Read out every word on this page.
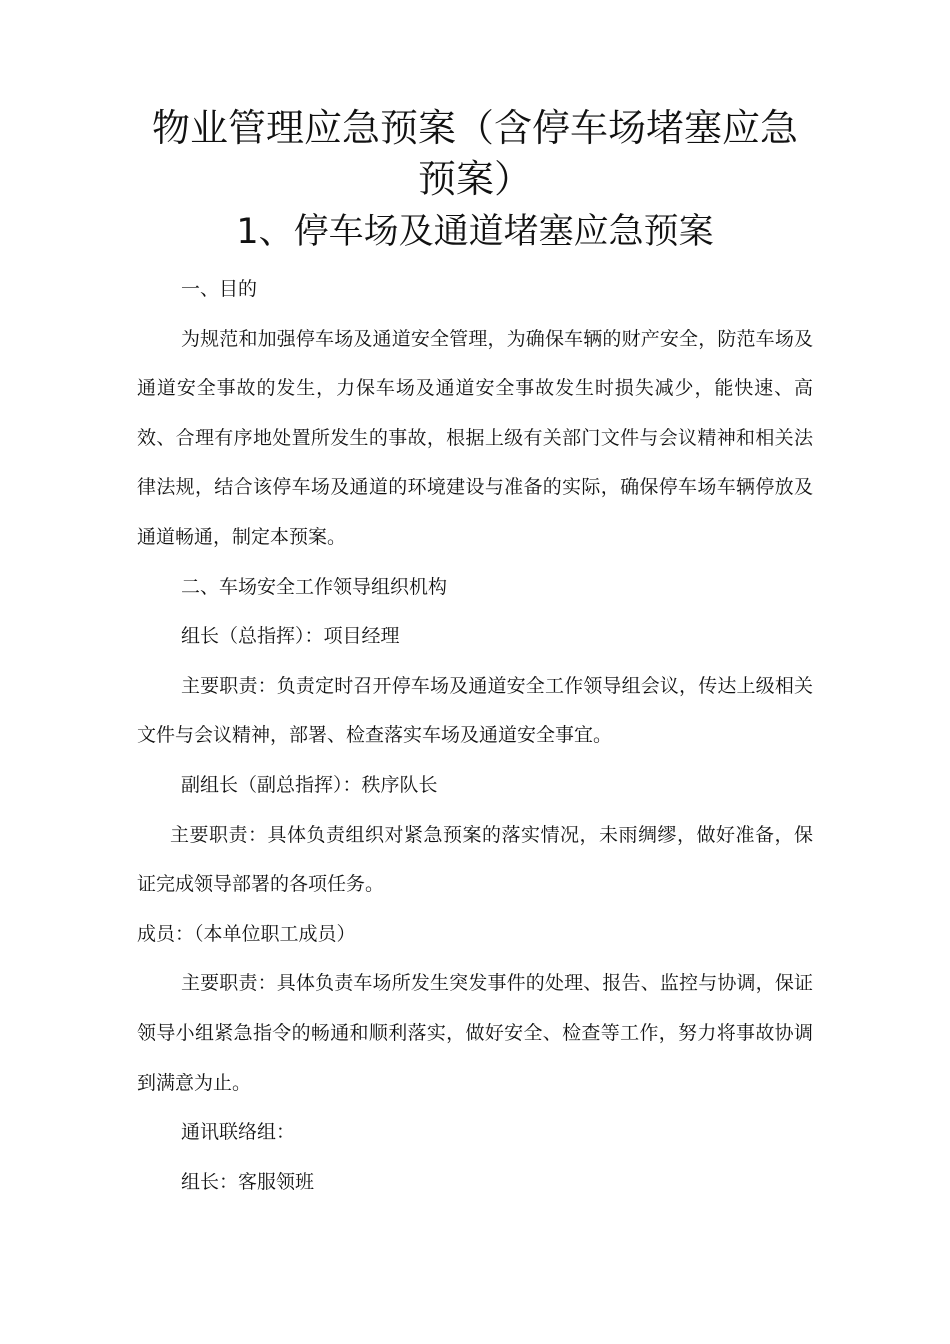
物业管理应急预案（含停车场堵塞应急
预案）
1、停车场及通道堵塞应急预案

一、目的

为规范和加强停车场及通道安全管理，为确保车辆的财产安全，防范车场及通道安全事故的发生，力保车场及通道安全事故发生时损失减少，能快速、高效、合理有序地处置所发生的事故，根据上级有关部门文件与会议精神和相关法律法规，结合该停车场及通道的环境建设与准备的实际，确保停车场车辆停放及通道畅通，制定本预案。

二、车场安全工作领导组织机构

组长（总指挥）：项目经理

主要职责：负责定时召开停车场及通道安全工作领导组会议，传达上级相关文件与会议精神，部署、检查落实车场及通道安全事宜。

副组长（副总指挥）：秩序队长

主要职责：具体负责组织对紧急预案的落实情况，未雨绸缪，做好准备，保证完成领导部署的各项任务。

成员：（本单位职工成员）

主要职责：具体负责车场所发生突发事件的处理、报告、监控与协调，保证领导小组紧急指令的畅通和顺利落实，做好安全、检查等工作，努力将事故协调到满意为止。

通讯联络组：

组长：客服领班
